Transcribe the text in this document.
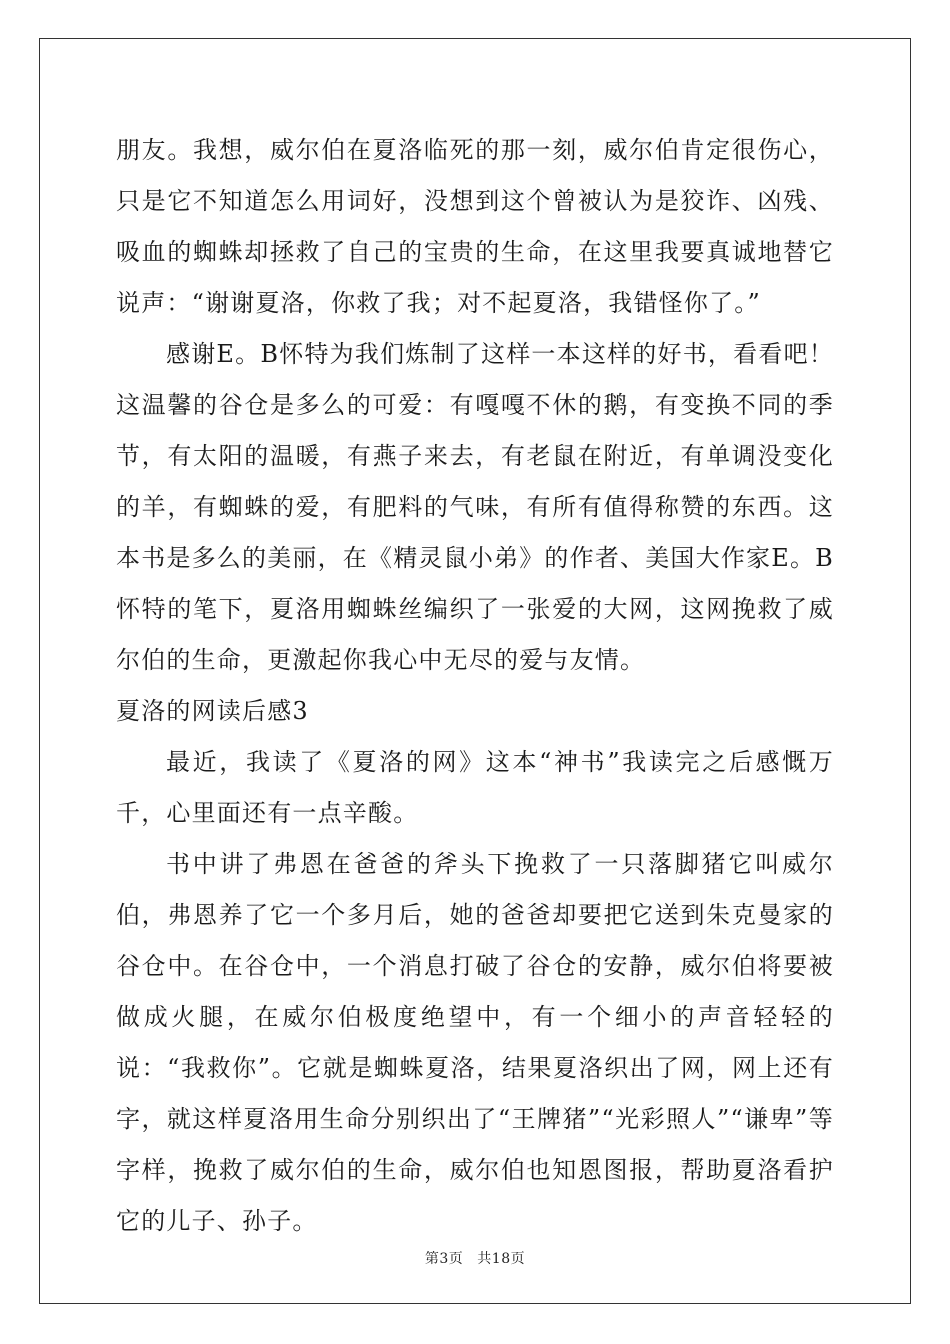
朋友。我想，威尔伯在夏洛临死的那一刻，威尔伯肯定很伤心，只是它不知道怎么用词好，没想到这个曾被认为是狡诈、凶残、吸血的蜘蛛却拯救了自己的宝贵的生命，在这里我要真诚地替它说声：“谢谢夏洛，你救了我；对不起夏洛，我错怪你了。”

感谢E。B怀特为我们炼制了这样一本这样的好书，看看吧！这温馨的谷仓是多么的可爱：有嘎嘎不休的鹅，有变换不同的季节，有太阳的温暖，有燕子来去，有老鼠在附近，有单调没变化的羊，有蜘蛛的爱，有肥料的气味，有所有值得称赞的东西。这本书是多么的美丽，在《精灵鼠小弟》的作者、美国大作家E。B怀特的笔下，夏洛用蜘蛛丝编织了一张爱的大网，这网挽救了威尔伯的生命，更激起你我心中无尽的爱与友情。

夏洛的网读后感3

最近，我读了《夏洛的网》这本“神书”我读完之后感慨万千，心里面还有一点辛酸。

书中讲了弗恩在爸爸的斧头下挽救了一只落脚猪它叫威尔伯，弗恩养了它一个多月后，她的爸爸却要把它送到朱克曼家的谷仓中。在谷仓中，一个消息打破了谷仓的安静，威尔伯将要被做成火腿，在威尔伯极度绝望中，有一个细小的声音轻轻的说：“我救你”。它就是蜘蛛夏洛，结果夏洛织出了网，网上还有字，就这样夏洛用生命分别织出了“王牌猪”“光彩照人”“谦卑”等字样，挽救了威尔伯的生命，威尔伯也知恩图报，帮助夏洛看护它的儿子、孙子。

第3页 共18页
